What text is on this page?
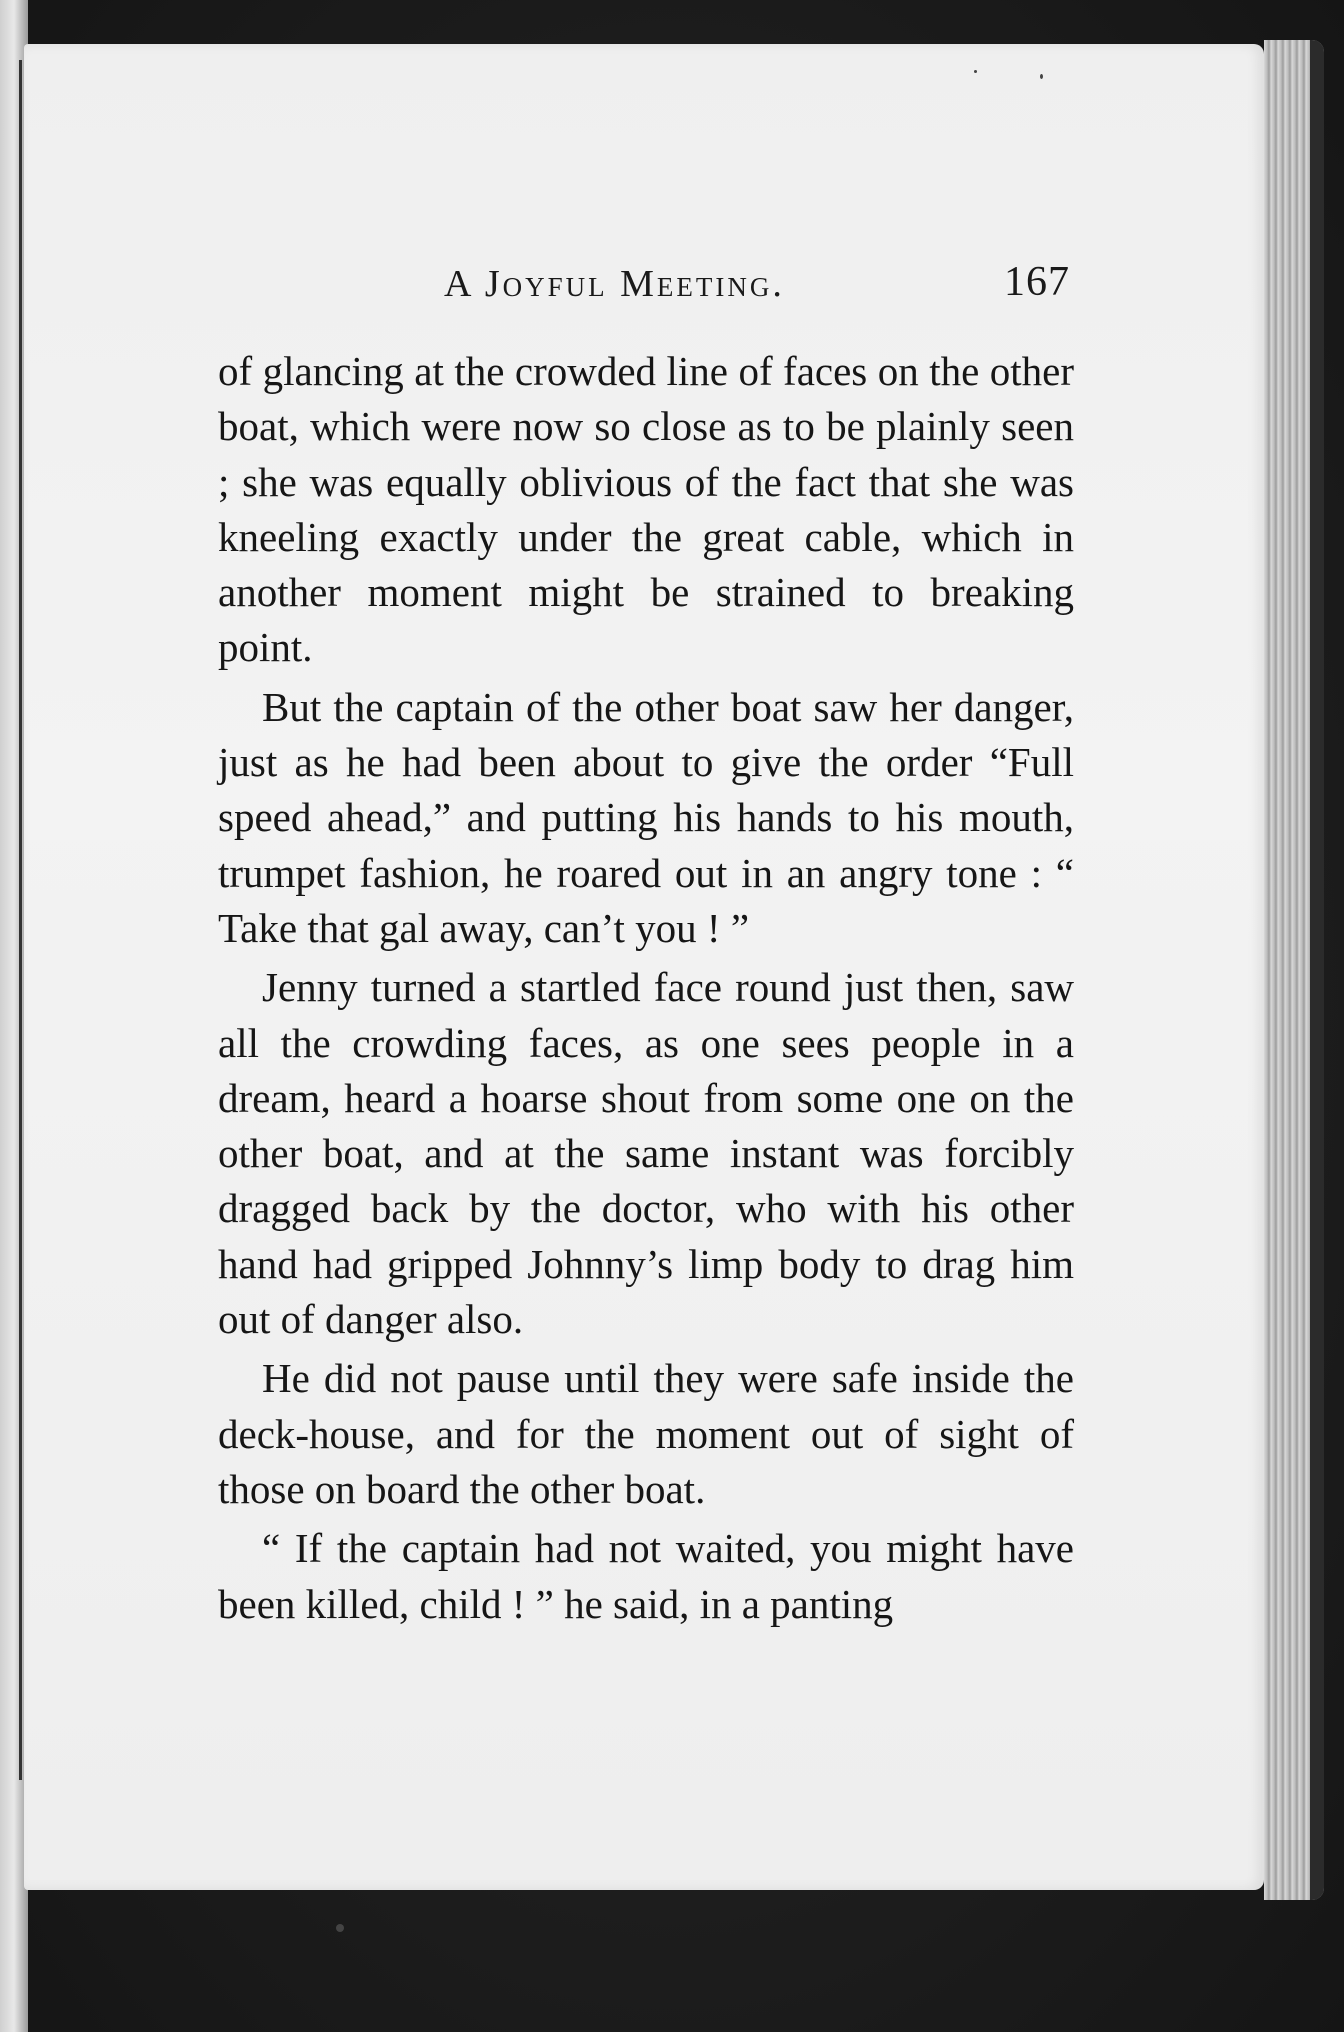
A Joyful Meeting.	167

of glancing at the crowded line of faces on the other boat, which were now so close as to be plainly seen ; she was equally oblivious of the fact that she was kneeling exactly under the great cable, which in another moment might be strained to breaking point.

But the captain of the other boat saw her danger, just as he had been about to give the order “Full speed ahead,” and putting his hands to his mouth, trumpet fashion, he roared out in an angry tone : “ Take that gal away, can’t you ! ”

Jenny turned a startled face round just then, saw all the crowding faces, as one sees people in a dream, heard a hoarse shout from some one on the other boat, and at the same instant was forcibly dragged back by the doctor, who with his other hand had gripped Johnny’s limp body to drag him out of danger also.

He did not pause until they were safe inside the deck-house, and for the moment out of sight of those on board the other boat.

“ If the captain had not waited, you might have been killed, child ! ” he said, in a panting
